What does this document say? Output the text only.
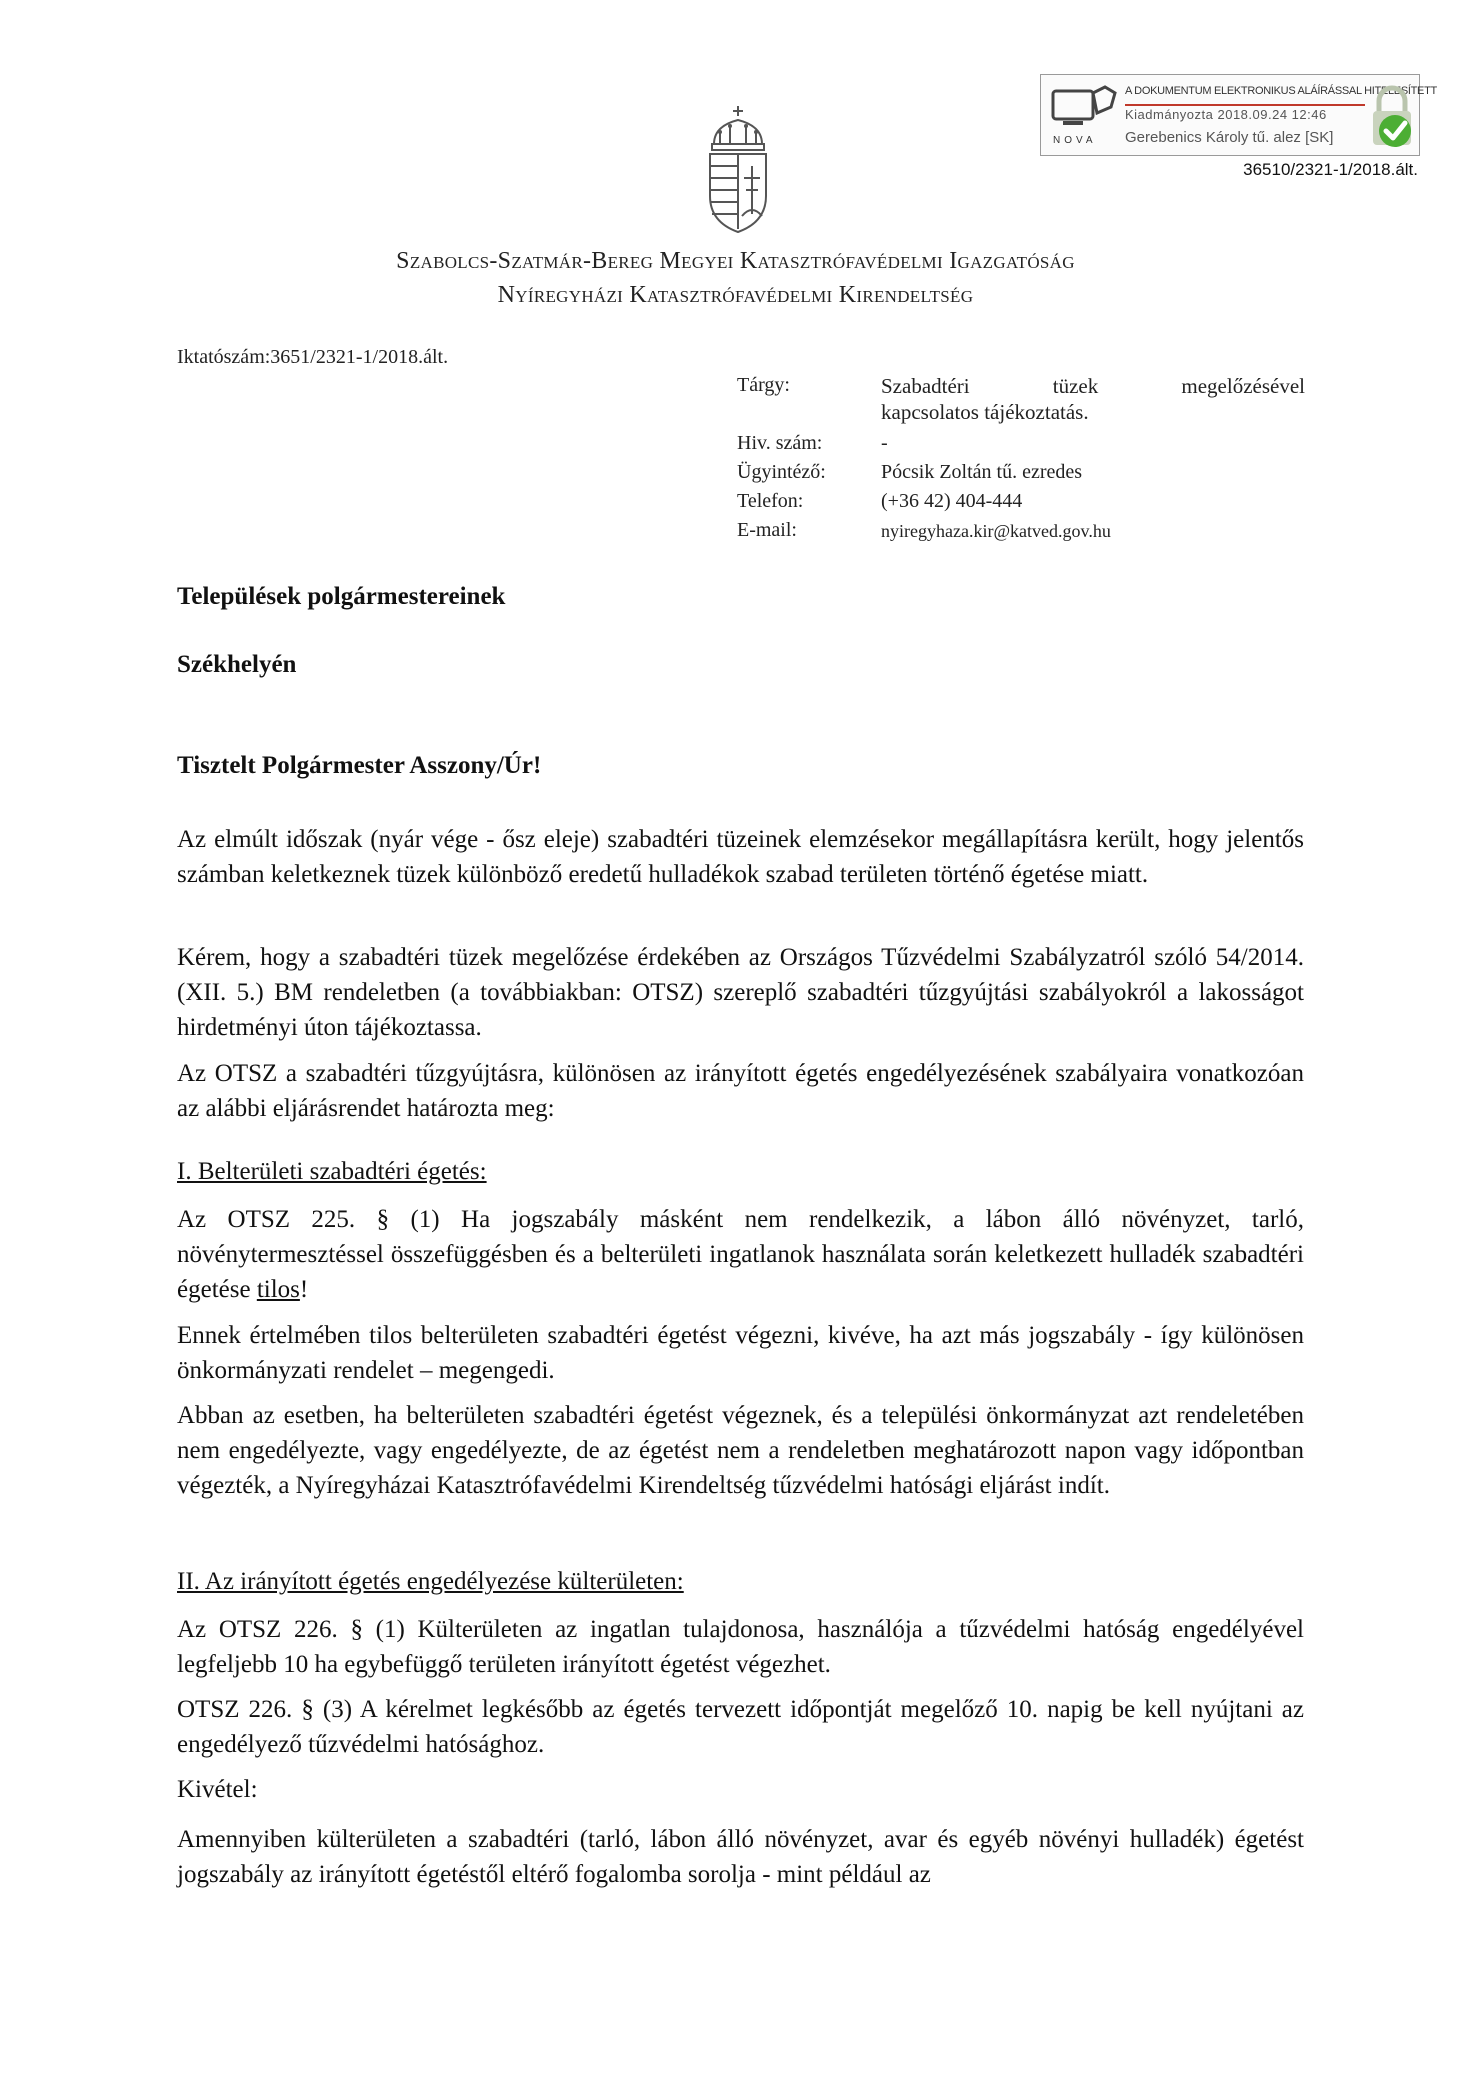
NOVA
A DOKUMENTUM ELEKTRONIKUS ALÁÍRÁSSAL HITELESÍTETT
Kiadmányozta 2018.09.24 12:46
Gerebenics Károly tű. alez [SK]
36510/2321-1/2018.ált.
Szabolcs-Szatmár-Bereg Megyei Katasztrófavédelmi Igazgatóság
Nyíregyházi Katasztrófavédelmi Kirendeltség
Iktatószám:3651/2321-1/2018.ált.
Tárgy:	Szabadtéri tüzek megelőzésével
kapcsolatos tájékoztatás.
Hiv. szám:	-
Ügyintéző:	Pócsik Zoltán tű. ezredes
Telefon:	(+36 42) 404-444
E-mail:	nyiregyhaza.kir@katved.gov.hu
Települések polgármestereinek
Székhelyén
Tisztelt Polgármester Asszony/Úr!
Az elmúlt időszak (nyár vége - ősz eleje) szabadtéri tüzeinek elemzésekor megállapításra került, hogy jelentős számban keletkeznek tüzek különböző eredetű hulladékok szabad területen történő égetése miatt.
Kérem, hogy a szabadtéri tüzek megelőzése érdekében az Országos Tűzvédelmi Szabályzatról szóló 54/2014. (XII. 5.) BM rendeletben (a továbbiakban: OTSZ) szereplő szabadtéri tűzgyújtási szabályokról a lakosságot hirdetményi úton tájékoztassa.
Az OTSZ a szabadtéri tűzgyújtásra, különösen az irányított égetés engedélyezésének szabályaira vonatkozóan az alábbi eljárásrendet határozta meg:
I. Belterületi szabadtéri égetés:
Az OTSZ 225. § (1) Ha jogszabály másként nem rendelkezik, a lábon álló növényzet, tarló, növénytermesztéssel összefüggésben és a belterületi ingatlanok használata során keletkezett hulladék szabadtéri égetése tilos!
Ennek értelmében tilos belterületen szabadtéri égetést végezni, kivéve, ha azt más jogszabály - így különösen önkormányzati rendelet – megengedi.
Abban az esetben, ha belterületen szabadtéri égetést végeznek, és a települési önkormányzat azt rendeletében nem engedélyezte, vagy engedélyezte, de az égetést nem a rendeletben meghatározott napon vagy időpontban végezték, a Nyíregyházai Katasztrófavédelmi Kirendeltség tűzvédelmi hatósági eljárást indít.
II. Az irányított égetés engedélyezése külterületen:
Az OTSZ 226. § (1) Külterületen az ingatlan tulajdonosa, használója a tűzvédelmi hatóság engedélyével legfeljebb 10 ha egybefüggő területen irányított égetést végezhet.
OTSZ 226. § (3) A kérelmet legkésőbb az égetés tervezett időpontját megelőző 10. napig be kell nyújtani az engedélyező tűzvédelmi hatósághoz.
Kivétel:
Amennyiben külterületen a szabadtéri (tarló, lábon álló növényzet, avar és egyéb növényi hulladék) égetést jogszabály az irányított égetéstől eltérő fogalomba sorolja - mint például az
